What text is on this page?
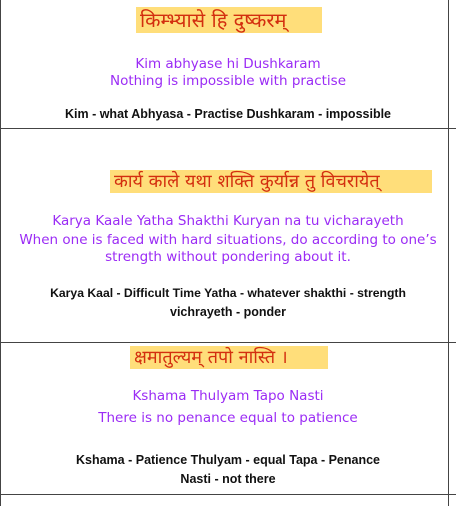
किम्भ्यासे हि दुष्करम्
Kim abhyase hi Dushkaram
Nothing is impossible with practise
Kim - what Abhyasa - Practise Dushkaram - impossible
कार्य काले यथा शक्ति कुर्यान्न तु विचरायेत्
Karya Kaale Yatha Shakthi Kuryan na tu vicharayeth
When one is faced with hard situations, do according to one’s
strength without pondering about it.
Karya Kaal - Difficult Time Yatha - whatever shakthi - strength
vichrayeth - ponder
क्षमातुल्यम् तपो नास्ति ।
Kshama Thulyam Tapo Nasti
There is no penance equal to patience
Kshama - Patience Thulyam - equal Tapa - Penance
Nasti - not there
